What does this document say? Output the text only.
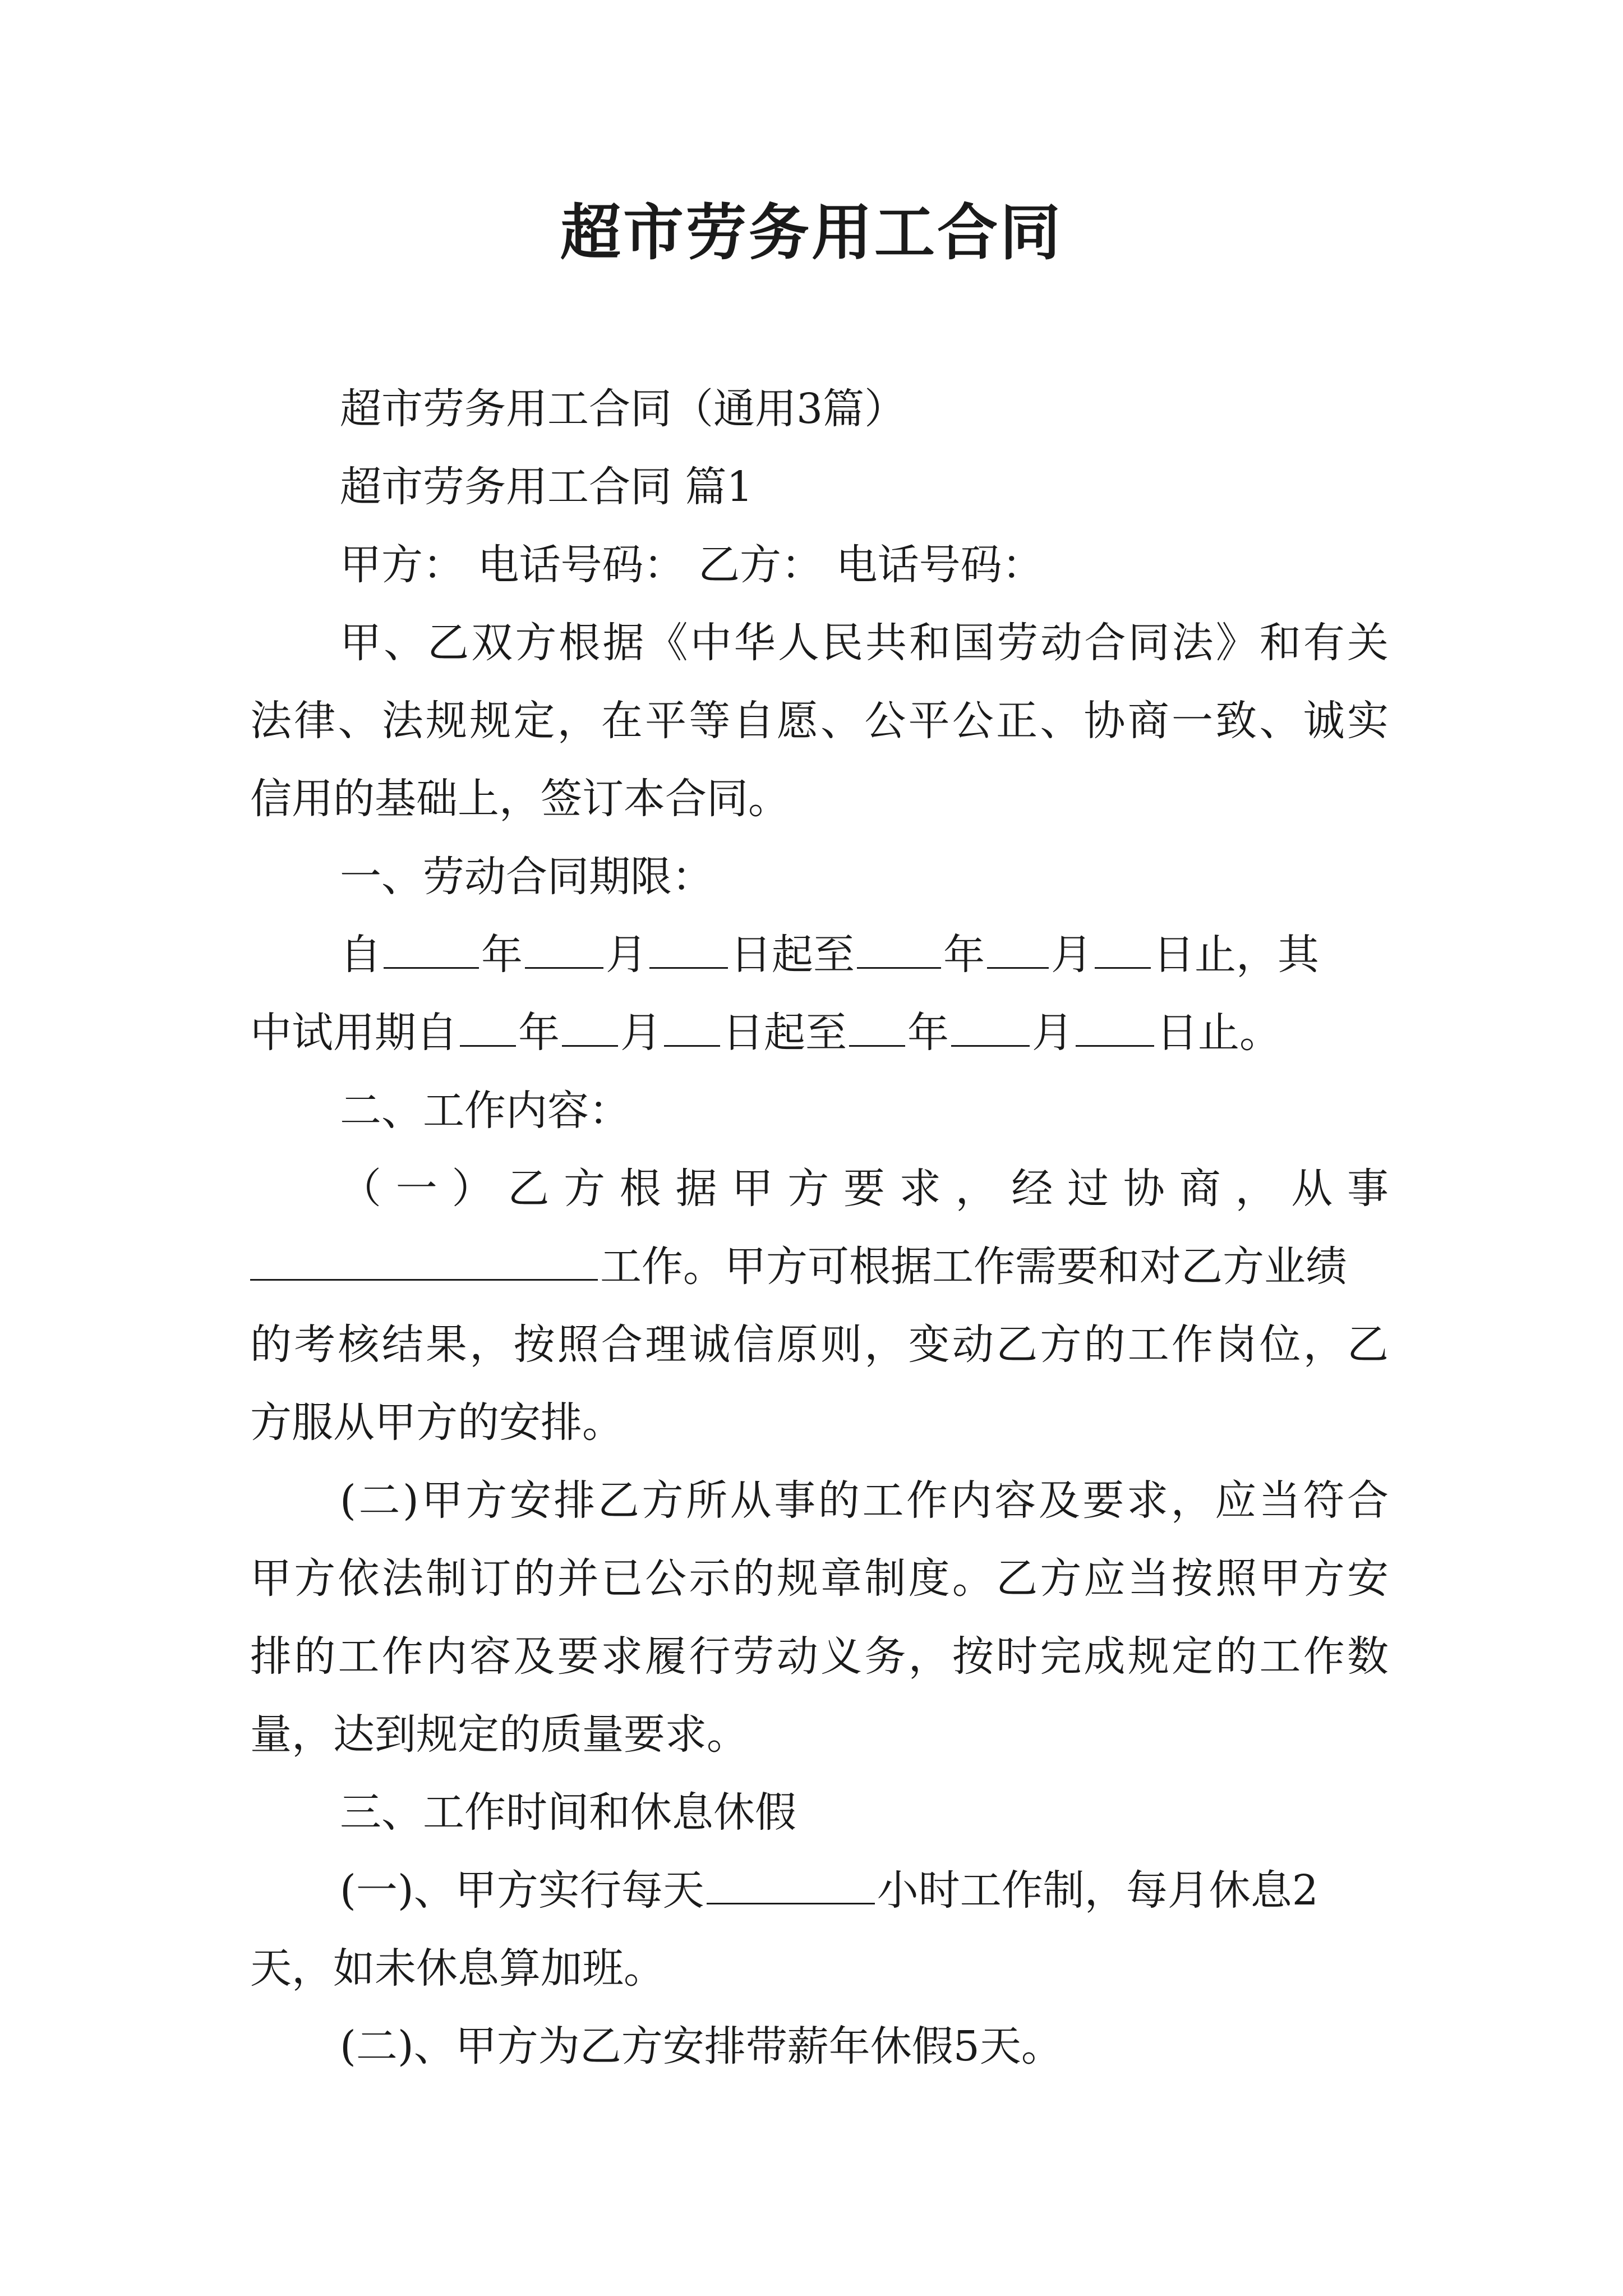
超市劳务用工合同
超市劳务用工合同（通用3篇）
超市劳务用工合同 篇1
甲方： 电话号码： 乙方： 电话号码：
甲、乙双方根据《中华人民共和国劳动合同法》和有关
法律、法规规定，在平等自愿、公平公正、协商一致、诚实
信用的基础上，签订本合同。
一、劳动合同期限：
自 年 月 日起至 年 月 日止，其
中试用期自 年 月 日起至 年 月 日止。
二、工作内容：
（一）乙方根据甲方要求，经过协商，从事
工作。甲方可根据工作需要和对乙方业绩
的考核结果，按照合理诚信原则，变动乙方的工作岗位，乙
方服从甲方的安排。
(二)甲方安排乙方所从事的工作内容及要求，应当符合
甲方依法制订的并已公示的规章制度。乙方应当按照甲方安
排的工作内容及要求履行劳动义务，按时完成规定的工作数
量，达到规定的质量要求。
三、工作时间和休息休假
(一)、甲方实行每天	小时工作制，每月休息2
天，如未休息算加班。
(二)、甲方为乙方安排带薪年休假5天。
